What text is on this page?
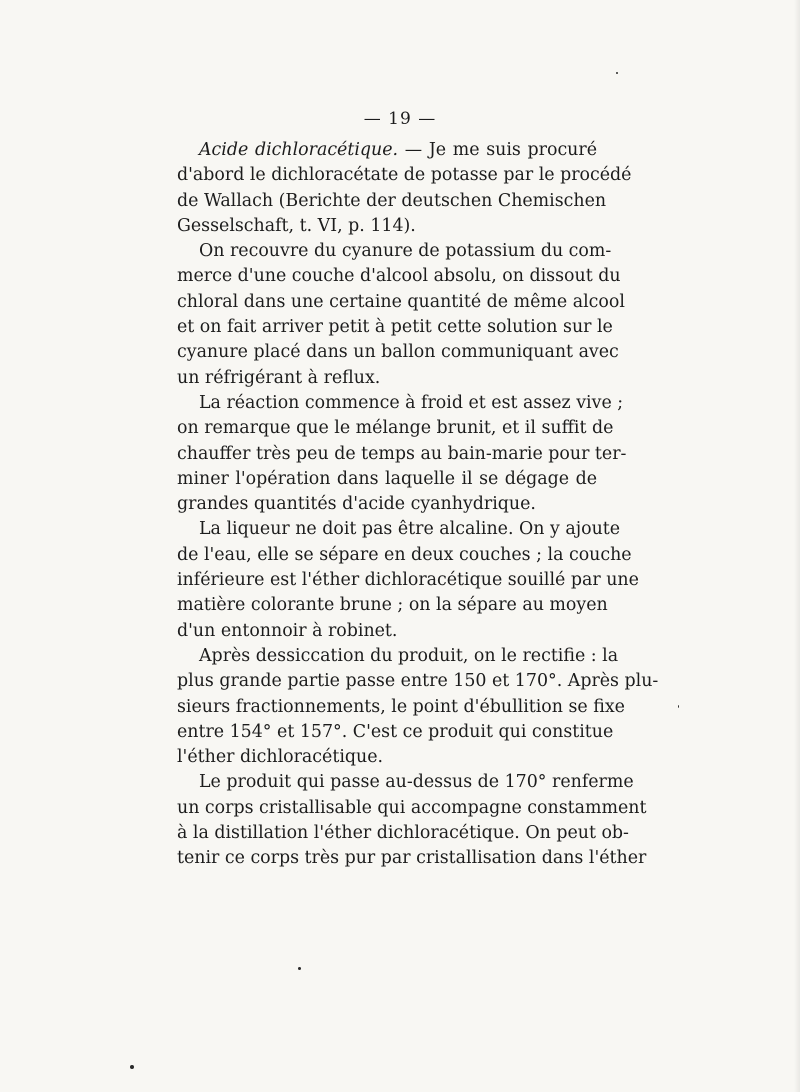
— 19 —
Acide dichloracétique. — Je me suis procuré
d'abord le dichloracétate de potasse par le procédé
de Wallach (Berichte der deutschen Chemischen
Gesselschaft, t. VI, p. 114).
On recouvre du cyanure de potassium du com-
merce d'une couche d'alcool absolu, on dissout du
chloral dans une certaine quantité de même alcool
et on fait arriver petit à petit cette solution sur le
cyanure placé dans un ballon communiquant avec
un réfrigérant à reflux.
La réaction commence à froid et est assez vive ;
on remarque que le mélange brunit, et il suffit de
chauffer très peu de temps au bain-marie pour ter-
miner l'opération dans laquelle il se dégage de
grandes quantités d'acide cyanhydrique.
La liqueur ne doit pas être alcaline. On y ajoute
de l'eau, elle se sépare en deux couches ; la couche
inférieure est l'éther dichloracétique souillé par une
matière colorante brune ; on la sépare au moyen
d'un entonnoir à robinet.
Après dessiccation du produit, on le rectifie : la
plus grande partie passe entre 150 et 170°. Après plu-
sieurs fractionnements, le point d'ébullition se fixe
entre 154° et 157°. C'est ce produit qui constitue
l'éther dichloracétique.
Le produit qui passe au-dessus de 170° renferme
un corps cristallisable qui accompagne constamment
à la distillation l'éther dichloracétique. On peut ob-
tenir ce corps très pur par cristallisation dans l'éther
